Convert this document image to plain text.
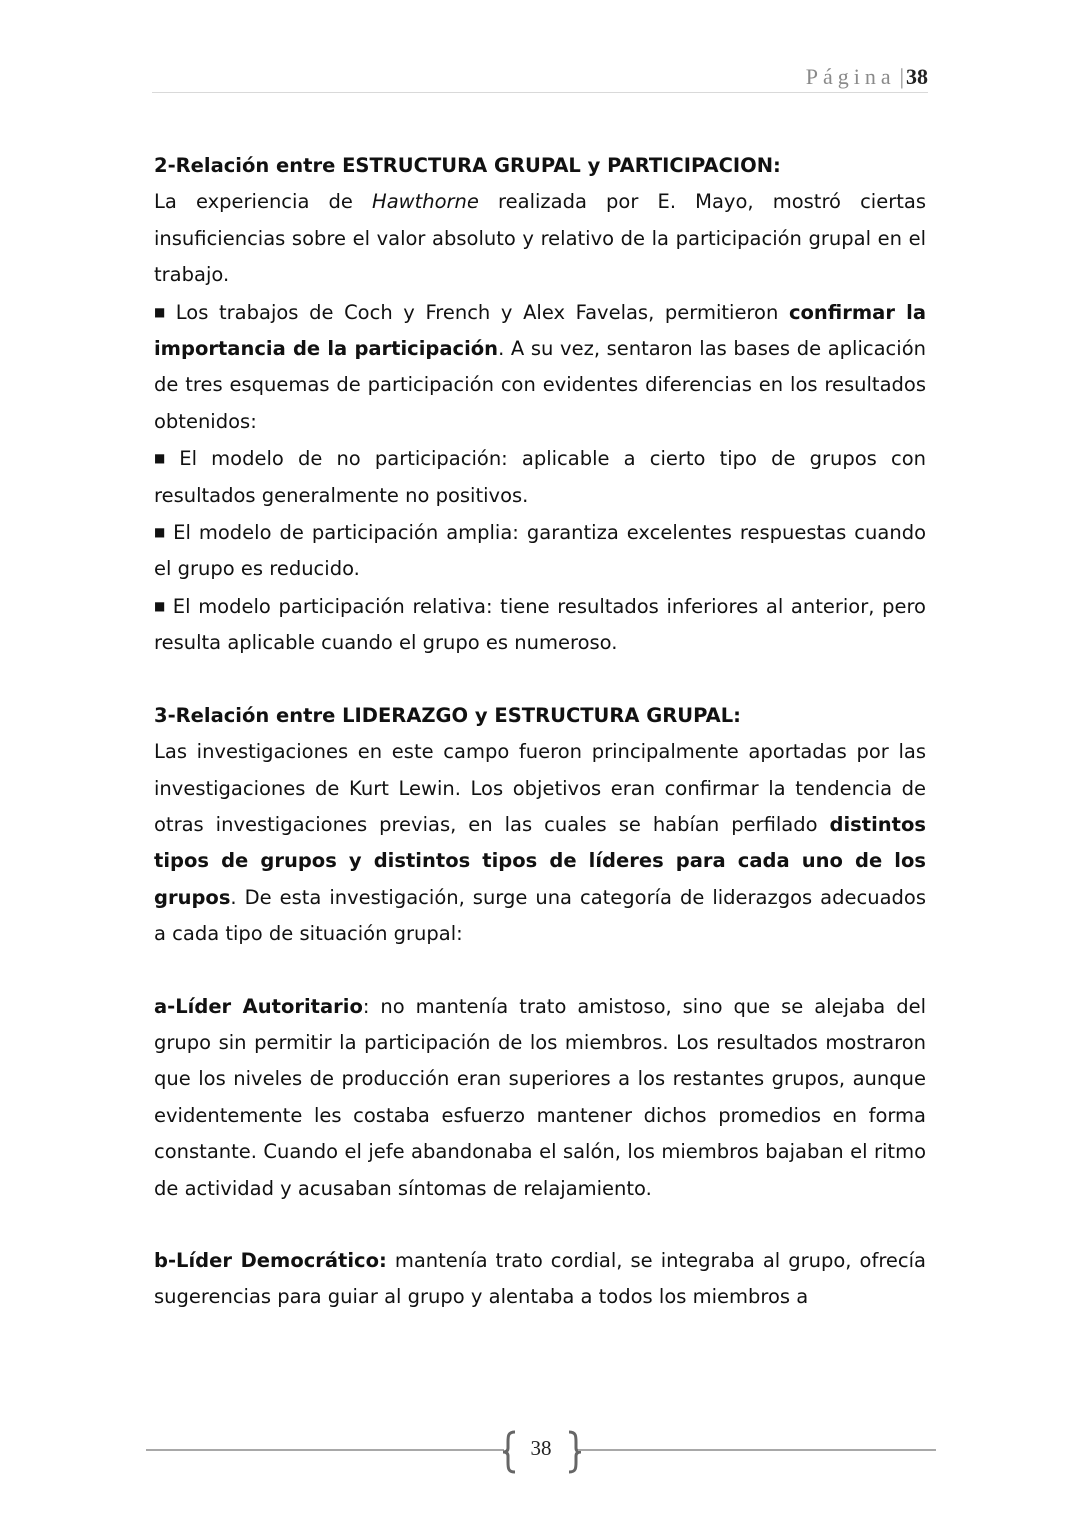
Página |38

2-Relación entre ESTRUCTURA GRUPAL y PARTICIPACION:

La experiencia de Hawthorne realizada por E. Mayo, mostró ciertas insuficiencias sobre el valor absoluto y relativo de la participación grupal en el trabajo.

■ Los trabajos de Coch y French y Alex Favelas, permitieron confirmar la importancia de la participación. A su vez, sentaron las bases de aplicación de tres esquemas de participación con evidentes diferencias en los resultados obtenidos:

■ El modelo de no participación: aplicable a cierto tipo de grupos con resultados generalmente no positivos.

■ El modelo de participación amplia: garantiza excelentes respuestas cuando el grupo es reducido.

■ El modelo participación relativa: tiene resultados inferiores al anterior, pero resulta aplicable cuando el grupo es numeroso.

3-Relación entre LIDERAZGO y ESTRUCTURA GRUPAL:

Las investigaciones en este campo fueron principalmente aportadas por las investigaciones de Kurt Lewin. Los objetivos eran confirmar la tendencia de otras investigaciones previas, en las cuales se habían perfilado distintos tipos de grupos y distintos tipos de líderes para cada uno de los grupos. De esta investigación, surge una categoría de liderazgos adecuados a cada tipo de situación grupal:

a-Líder Autoritario: no mantenía trato amistoso, sino que se alejaba del grupo sin permitir la participación de los miembros. Los resultados mostraron que los niveles de producción eran superiores a los restantes grupos, aunque evidentemente les costaba esfuerzo mantener dichos promedios en forma constante. Cuando el jefe abandonaba el salón, los miembros bajaban el ritmo de actividad y acusaban síntomas de relajamiento.

b-Líder Democrático: mantenía trato cordial, se integraba al grupo, ofrecía sugerencias para guiar al grupo y alentaba a todos los miembros a

38
